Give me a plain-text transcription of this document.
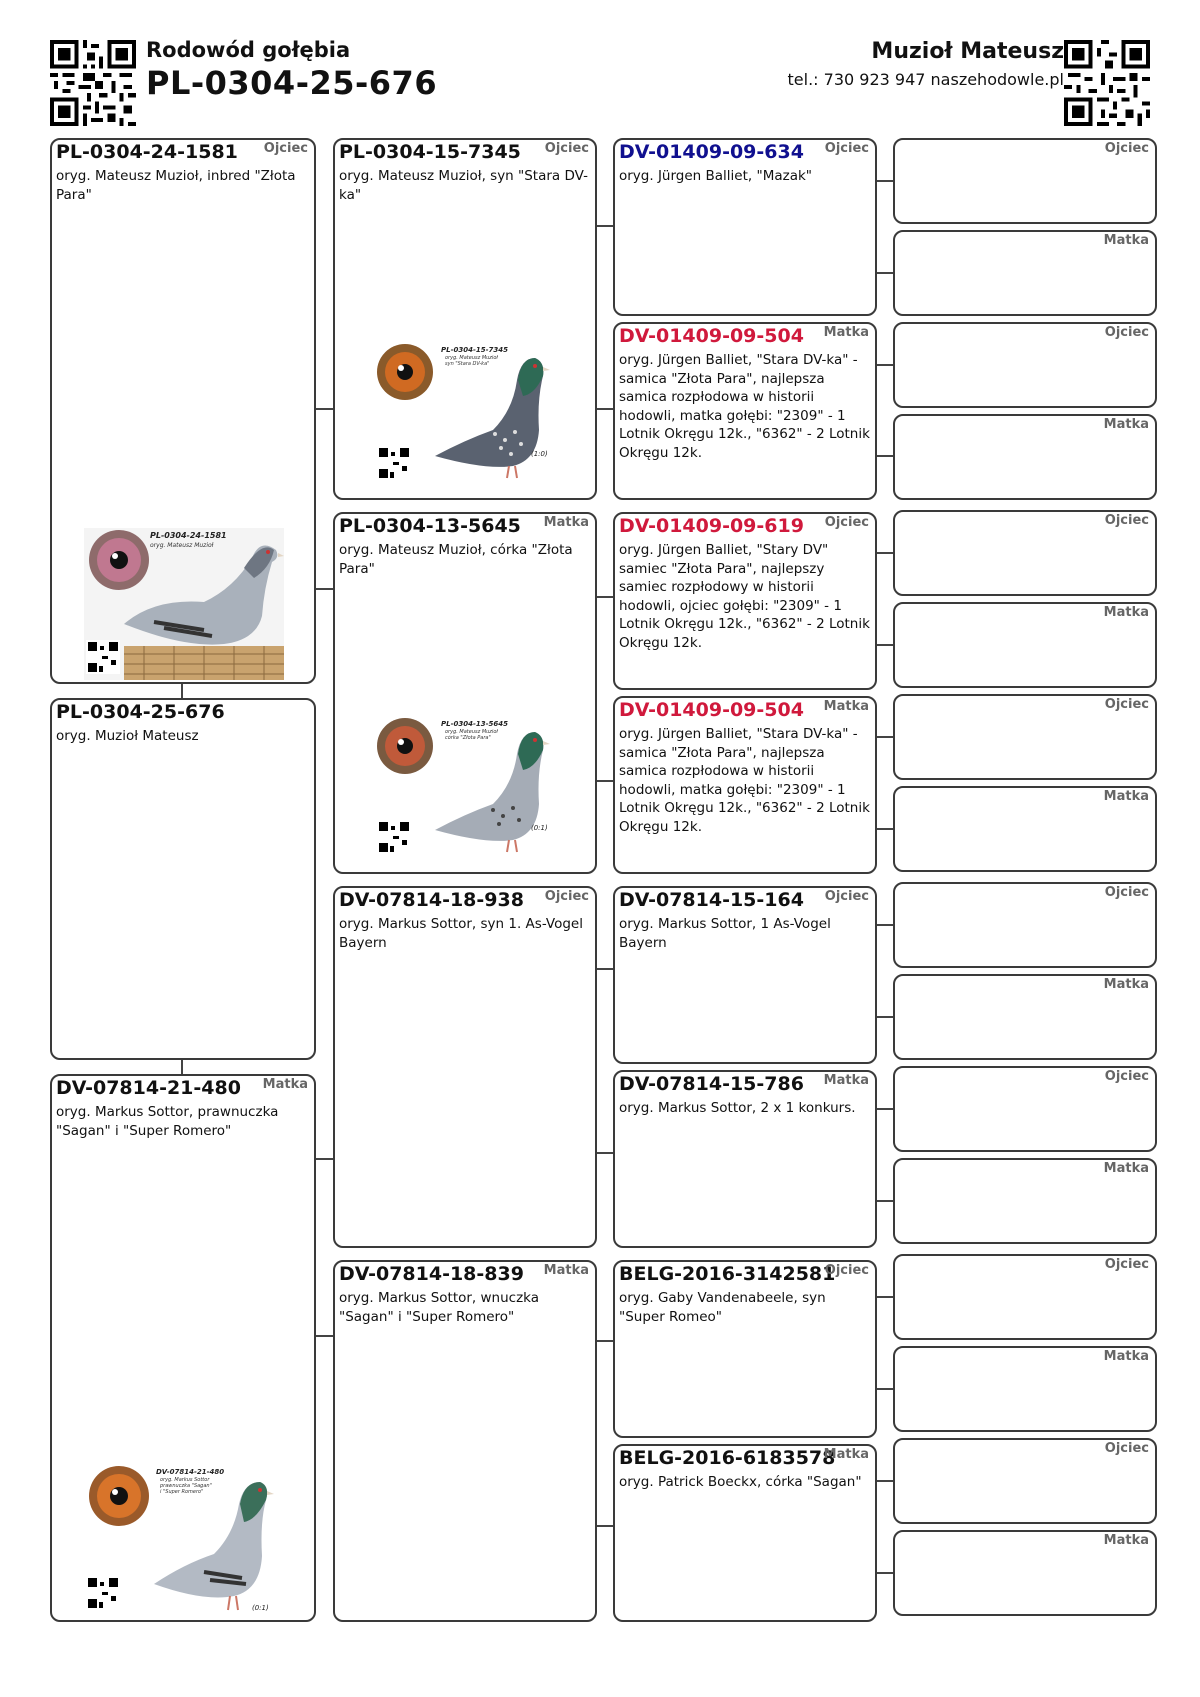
Rodowód gołębia
PL-0304-25-676
Muzioł Mateusz
tel.: 730 923 947 naszehodowle.pl
PL-0304-24-1581 Ojciec
oryg. Mateusz Muzioł, inbred "Złota Para"
PL-0304-24-1581
oryg. Mateusz Muzioł
PL-0304-25-676
oryg. Muzioł Mateusz
DV-07814-21-480 Matka
oryg. Markus Sottor, prawnuczka "Sagan" i "Super Romero"
(0:1)
DV-07814-21-480
oryg. Markus Sottor
prawnuczka "Sagan"
i "Super Romero"
PL-0304-15-7345 Ojciec
oryg. Mateusz Muzioł, syn "Stara DV-ka"
(1:0)
PL-0304-15-7345
oryg. Mateusz Muzioł
syn "Stara DV-ka"
PL-0304-13-5645 Matka
oryg. Mateusz Muzioł, córka "Złota Para"
(0:1)
PL-0304-13-5645
oryg. Mateusz Muzioł
córka "Złota Para"
DV-07814-18-938 Ojciec
oryg. Markus Sottor, syn 1. As-Vogel Bayern
DV-07814-18-839 Matka
oryg. Markus Sottor, wnuczka "Sagan" i "Super Romero"
DV-01409-09-634 Ojciec
oryg. Jürgen Balliet, "Mazak"
DV-01409-09-504 Matka
oryg. Jürgen Balliet, "Stara DV-ka" - samica "Złota Para", najlepsza samica rozpłodowa w historii hodowli, matka gołębi: "2309" - 1 Lotnik Okręgu 12k., "6362" - 2 Lotnik Okręgu 12k.
DV-01409-09-619 Ojciec
oryg. Jürgen Balliet, "Stary DV" samiec "Złota Para", najlepszy samiec rozpłodowy w historii hodowli, ojciec gołębi: "2309" - 1 Lotnik Okręgu 12k., "6362" - 2 Lotnik Okręgu 12k.
DV-01409-09-504 Matka
oryg. Jürgen Balliet, "Stara DV-ka" - samica "Złota Para", najlepsza samica rozpłodowa w historii hodowli, matka gołębi: "2309" - 1 Lotnik Okręgu 12k., "6362" - 2 Lotnik Okręgu 12k.
DV-07814-15-164 Ojciec
oryg. Markus Sottor, 1 As-Vogel Bayern
DV-07814-15-786 Matka
oryg. Markus Sottor, 2 x 1 konkurs.
BELG-2016-3142581
Ojciec
oryg. Gaby Vandenabeele, syn "Super Romeo"
BELG-2016-6183578
Matka
oryg. Patrick Boeckx, córka "Sagan"
Ojciec
Matka
Ojciec
Matka
Ojciec
Matka
Ojciec
Matka
Ojciec
Matka
Ojciec
Matka
Ojciec
Matka
Ojciec
Matka
